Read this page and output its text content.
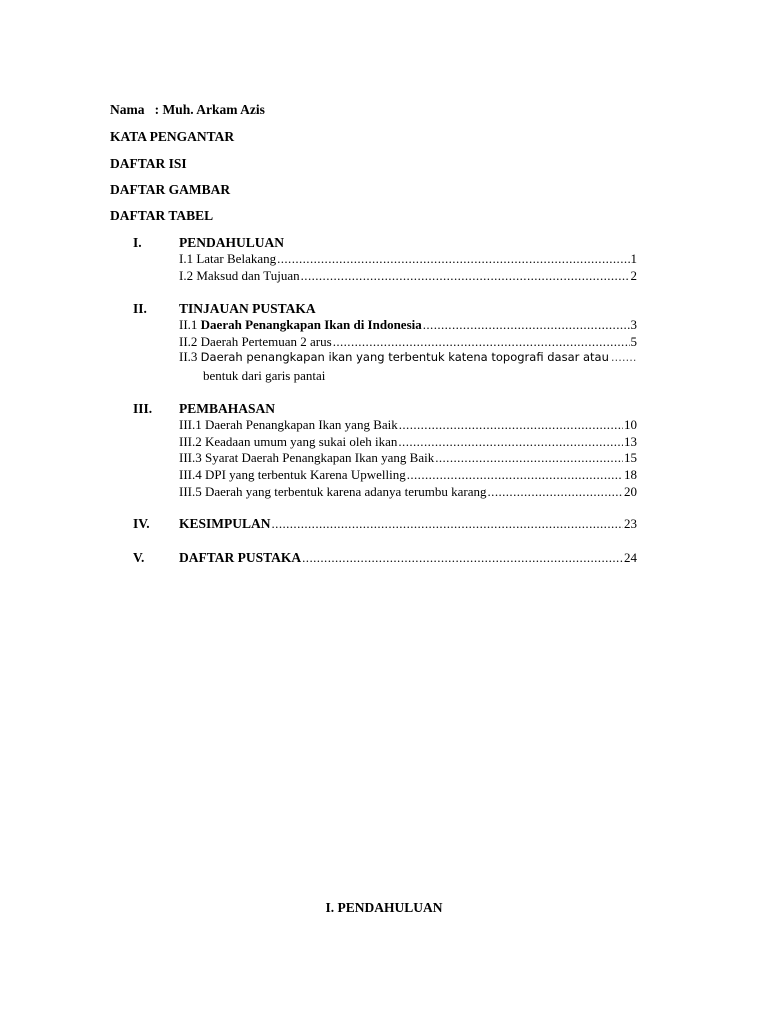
Nama : Muh. Arkam Azis
KATA PENGANTAR
DAFTAR ISI
DAFTAR GAMBAR
DAFTAR TABEL
I.	PENDAHULUAN
I.1 Latar Belakang .....	1
I.2 Maksud dan Tujuan .....	2
II. TINJAUAN PUSTAKA
II.1 Daerah Penangkapan Ikan di Indonesia .....	3
II.2 Daerah Pertemuan 2 arus .....	5
II.3 Daerah penangkapan ikan yang terbentuk katena topografi dasar atau …….
bentuk dari garis pantai
III. PEMBAHASAN
III.1 Daerah Penangkapan Ikan yang Baik .....	10
III.2 Keadaan umum yang sukai oleh ikan .....	13
III.3 Syarat Daerah Penangkapan Ikan yang Baik .....	15
III.4 DPI yang terbentuk Karena Upwelling .....	18
III.5 Daerah yang terbentuk karena adanya terumbu karang .....	20
IV. KESIMPULAN .....	23
V.	DAFTAR PUSTAKA .....	24
I. PENDAHULUAN
